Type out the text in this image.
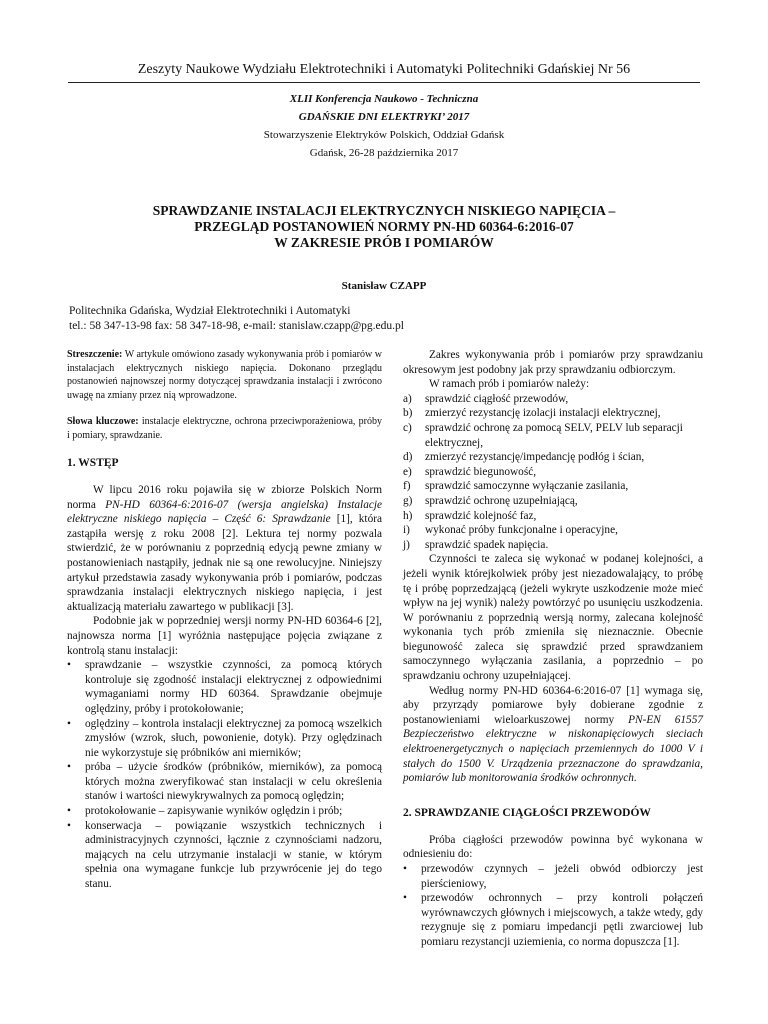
Zeszyty Naukowe Wydziału Elektrotechniki i Automatyki Politechniki Gdańskiej Nr 56
XLII Konferencja Naukowo - Techniczna
GDAŃSKIE DNI ELEKTRYKI’ 2017
Stowarzyszenie Elektryków Polskich, Oddział Gdańsk
Gdańsk, 26-28 października 2017
SPRAWDZANIE INSTALACJI ELEKTRYCZNYCH NISKIEGO NAPIĘCIA –
PRZEGLĄD POSTANOWIEŃ NORMY PN-HD 60364-6:2016-07
W ZAKRESIE PRÓB I POMIARÓW
Stanisław CZAPP
Politechnika Gdańska, Wydział Elektrotechniki i Automatyki
tel.: 58 347-13-98 fax: 58 347-18-98, e-mail: stanislaw.czapp@pg.edu.pl

Streszczenie: W artykule omówiono zasady wykonywania prób i pomiarów w instalacjach elektrycznych niskiego napięcia. Dokonano przeglądu postanowień najnowszej normy dotyczącej sprawdzania instalacji i zwrócono uwagę na zmiany przez nią wprowadzone.

Słowa kluczowe: instalacje elektryczne, ochrona przeciwporażeniowa, próby i pomiary, sprawdzanie.

1. WSTĘP

W lipcu 2016 roku pojawiła się w zbiorze Polskich Norm norma PN-HD 60364-6:2016-07 (wersja angielska) Instalacje elektryczne niskiego napięcia – Część 6: Sprawdzanie [1], która zastąpiła wersję z roku 2008 [2]. Lektura tej normy pozwala stwierdzić, że w porównaniu z poprzednią edycją pewne zmiany w postanowieniach nastąpiły, jednak nie są one rewolucyjne. Niniejszy artykuł przedstawia zasady wykonywania prób i pomiarów, podczas sprawdzania instalacji elektrycznych niskiego napięcia, i jest aktualizacją materiału zawartego w publikacji [3].

Podobnie jak w poprzedniej wersji normy PN-HD 60364-6 [2], najnowsza norma [1] wyróżnia następujące pojęcia związane z kontrolą stanu instalacji:

• sprawdzanie – wszystkie czynności, za pomocą których kontroluje się zgodność instalacji elektrycznej z odpowiednimi wymaganiami normy HD 60364. Sprawdzanie obejmuje oględziny, próby i protokołowanie;
• oględziny – kontrola instalacji elektrycznej za pomocą wszelkich zmysłów (wzrok, słuch, powonienie, dotyk). Przy oględzinach nie wykorzystuje się próbników ani mierników;
• próba – użycie środków (próbników, mierników), za pomocą których można zweryfikować stan instalacji w celu określenia stanów i wartości niewykrywalnych za pomocą oględzin;
• protokołowanie – zapisywanie wyników oględzin i prób;
• konserwacja – powiązanie wszystkich technicznych i administracyjnych czynności, łącznie z czynnościami nadzoru, mających na celu utrzymanie instalacji w stanie, w którym spełnia ona wymagane funkcje lub przywrócenie jej do tego stanu.

Zakres wykonywania prób i pomiarów przy sprawdzaniu okresowym jest podobny jak przy sprawdzaniu odbiorczym.

W ramach prób i pomiarów należy:

a) sprawdzić ciągłość przewodów,
b) zmierzyć rezystancję izolacji instalacji elektrycznej,
c) sprawdzić ochronę za pomocą SELV, PELV lub separacji elektrycznej,
d) zmierzyć rezystancję/impedancję podłóg i ścian,
e) sprawdzić biegunowość,
f) sprawdzić samoczynne wyłączanie zasilania,
g) sprawdzić ochronę uzupełniającą,
h) sprawdzić kolejność faz,
i) wykonać próby funkcjonalne i operacyjne,
j) sprawdzić spadek napięcia.

Czynności te zaleca się wykonać w podanej kolejności, a jeżeli wynik którejkolwiek próby jest niezadowalający, to próbę tę i próbę poprzedzającą (jeżeli wykryte uszkodzenie może mieć wpływ na jej wynik) należy powtórzyć po usunięciu uszkodzenia. W porównaniu z poprzednią wersją normy, zalecana kolejność wykonania tych prób zmieniła się nieznacznie. Obecnie biegunowość zaleca się sprawdzić przed sprawdzaniem samoczynnego wyłączania zasilania, a poprzednio – po sprawdzaniu ochrony uzupełniającej.

Według normy PN-HD 60364-6:2016-07 [1] wymaga się, aby przyrządy pomiarowe były dobierane zgodnie z postanowieniami wieloarkuszowej normy PN-EN 61557 Bezpieczeństwo elektryczne w niskonapięciowych sieciach elektroenergetycznych o napięciach przemiennych do 1000 V i stałych do 1500 V. Urządzenia przeznaczone do sprawdzania, pomiarów lub monitorowania środków ochronnych.

2. SPRAWDZANIE CIĄGŁOŚCI PRZEWODÓW

Próba ciągłości przewodów powinna być wykonana w odniesieniu do:

• przewodów czynnych – jeżeli obwód odbiorczy jest pierścieniowy,
• przewodów ochronnych – przy kontroli połączeń wyrównawczych głównych i miejscowych, a także wtedy, gdy rezygnuje się z pomiaru impedancji pętli zwarciowej lub pomiaru rezystancji uziemienia, co norma dopuszcza [1].
